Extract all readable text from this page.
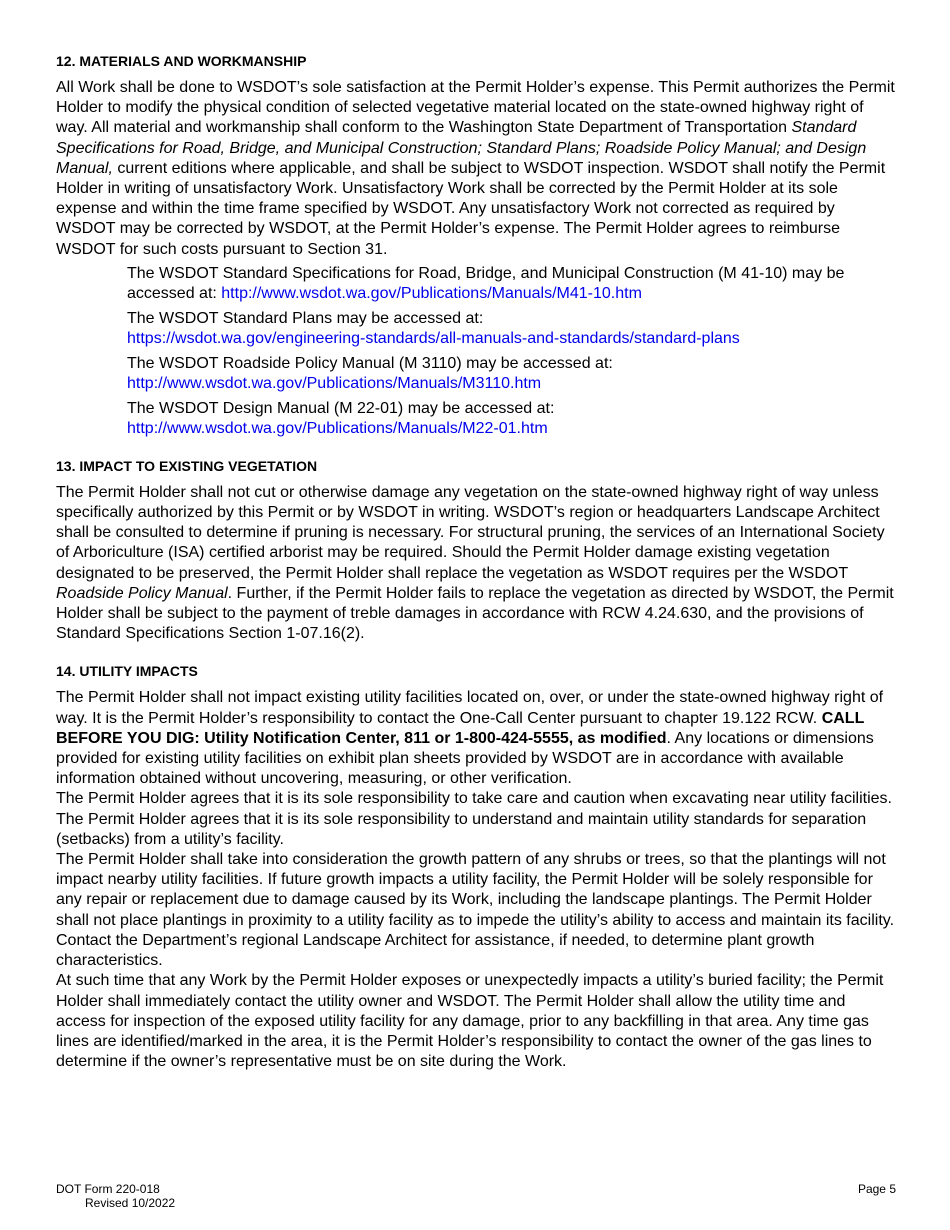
12. MATERIALS AND WORKMANSHIP

All Work shall be done to WSDOT’s sole satisfaction at the Permit Holder’s expense. This Permit authorizes the Permit Holder to modify the physical condition of selected vegetative material located on the state-owned highway right of way. All material and workmanship shall conform to the Washington State Department of Transportation Standard Specifications for Road, Bridge, and Municipal Construction; Standard Plans; Roadside Policy Manual; and Design Manual, current editions where applicable, and shall be subject to WSDOT inspection. WSDOT shall notify the Permit Holder in writing of unsatisfactory Work. Unsatisfactory Work shall be corrected by the Permit Holder at its sole expense and within the time frame specified by WSDOT. Any unsatisfactory Work not corrected as required by WSDOT may be corrected by WSDOT, at the Permit Holder’s expense. The Permit Holder agrees to reimburse WSDOT for such costs pursuant to Section 31.

The WSDOT Standard Specifications for Road, Bridge, and Municipal Construction (M 41-10) may be accessed at: http://www.wsdot.wa.gov/Publications/Manuals/M41-10.htm
The WSDOT Standard Plans may be accessed at:
https://wsdot.wa.gov/engineering-standards/all-manuals-and-standards/standard-plans
The WSDOT Roadside Policy Manual (M 3110) may be accessed at:
http://www.wsdot.wa.gov/Publications/Manuals/M3110.htm
The WSDOT Design Manual (M 22-01) may be accessed at:
http://www.wsdot.wa.gov/Publications/Manuals/M22-01.htm
13. IMPACT TO EXISTING VEGETATION

The Permit Holder shall not cut or otherwise damage any vegetation on the state-owned highway right of way unless specifically authorized by this Permit or by WSDOT in writing. WSDOT’s region or headquarters Landscape Architect shall be consulted to determine if pruning is necessary. For structural pruning, the services of an International Society of Arboriculture (ISA) certified arborist may be required. Should the Permit Holder damage existing vegetation designated to be preserved, the Permit Holder shall replace the vegetation as WSDOT requires per the WSDOT Roadside Policy Manual. Further, if the Permit Holder fails to replace the vegetation as directed by WSDOT, the Permit Holder shall be subject to the payment of treble damages in accordance with RCW 4.24.630, and the provisions of Standard Specifications Section 1-07.16(2).

14. UTILITY IMPACTS

The Permit Holder shall not impact existing utility facilities located on, over, or under the state-owned highway right of way. It is the Permit Holder’s responsibility to contact the One-Call Center pursuant to chapter 19.122 RCW. CALL BEFORE YOU DIG: Utility Notification Center, 811 or 1-800-424-5555, as modified. Any locations or dimensions provided for existing utility facilities on exhibit plan sheets provided by WSDOT are in accordance with available information obtained without uncovering, measuring, or other verification.

The Permit Holder agrees that it is its sole responsibility to take care and caution when excavating near utility facilities. The Permit Holder agrees that it is its sole responsibility to understand and maintain utility standards for separation (setbacks) from a utility’s facility.

The Permit Holder shall take into consideration the growth pattern of any shrubs or trees, so that the plantings will not impact nearby utility facilities. If future growth impacts a utility facility, the Permit Holder will be solely responsible for any repair or replacement due to damage caused by its Work, including the landscape plantings. The Permit Holder shall not place plantings in proximity to a utility facility as to impede the utility’s ability to access and maintain its facility. Contact the Department’s regional Landscape Architect for assistance, if needed, to determine plant growth characteristics.

At such time that any Work by the Permit Holder exposes or unexpectedly impacts a utility’s buried facility; the Permit Holder shall immediately contact the utility owner and WSDOT. The Permit Holder shall allow the utility time and access for inspection of the exposed utility facility for any damage, prior to any backfilling in that area. Any time gas lines are identified/marked in the area, it is the Permit Holder’s responsibility to contact the owner of the gas lines to determine if the owner’s representative must be on site during the Work.

DOT Form 220-018
Revised 10/2022
Page 5
